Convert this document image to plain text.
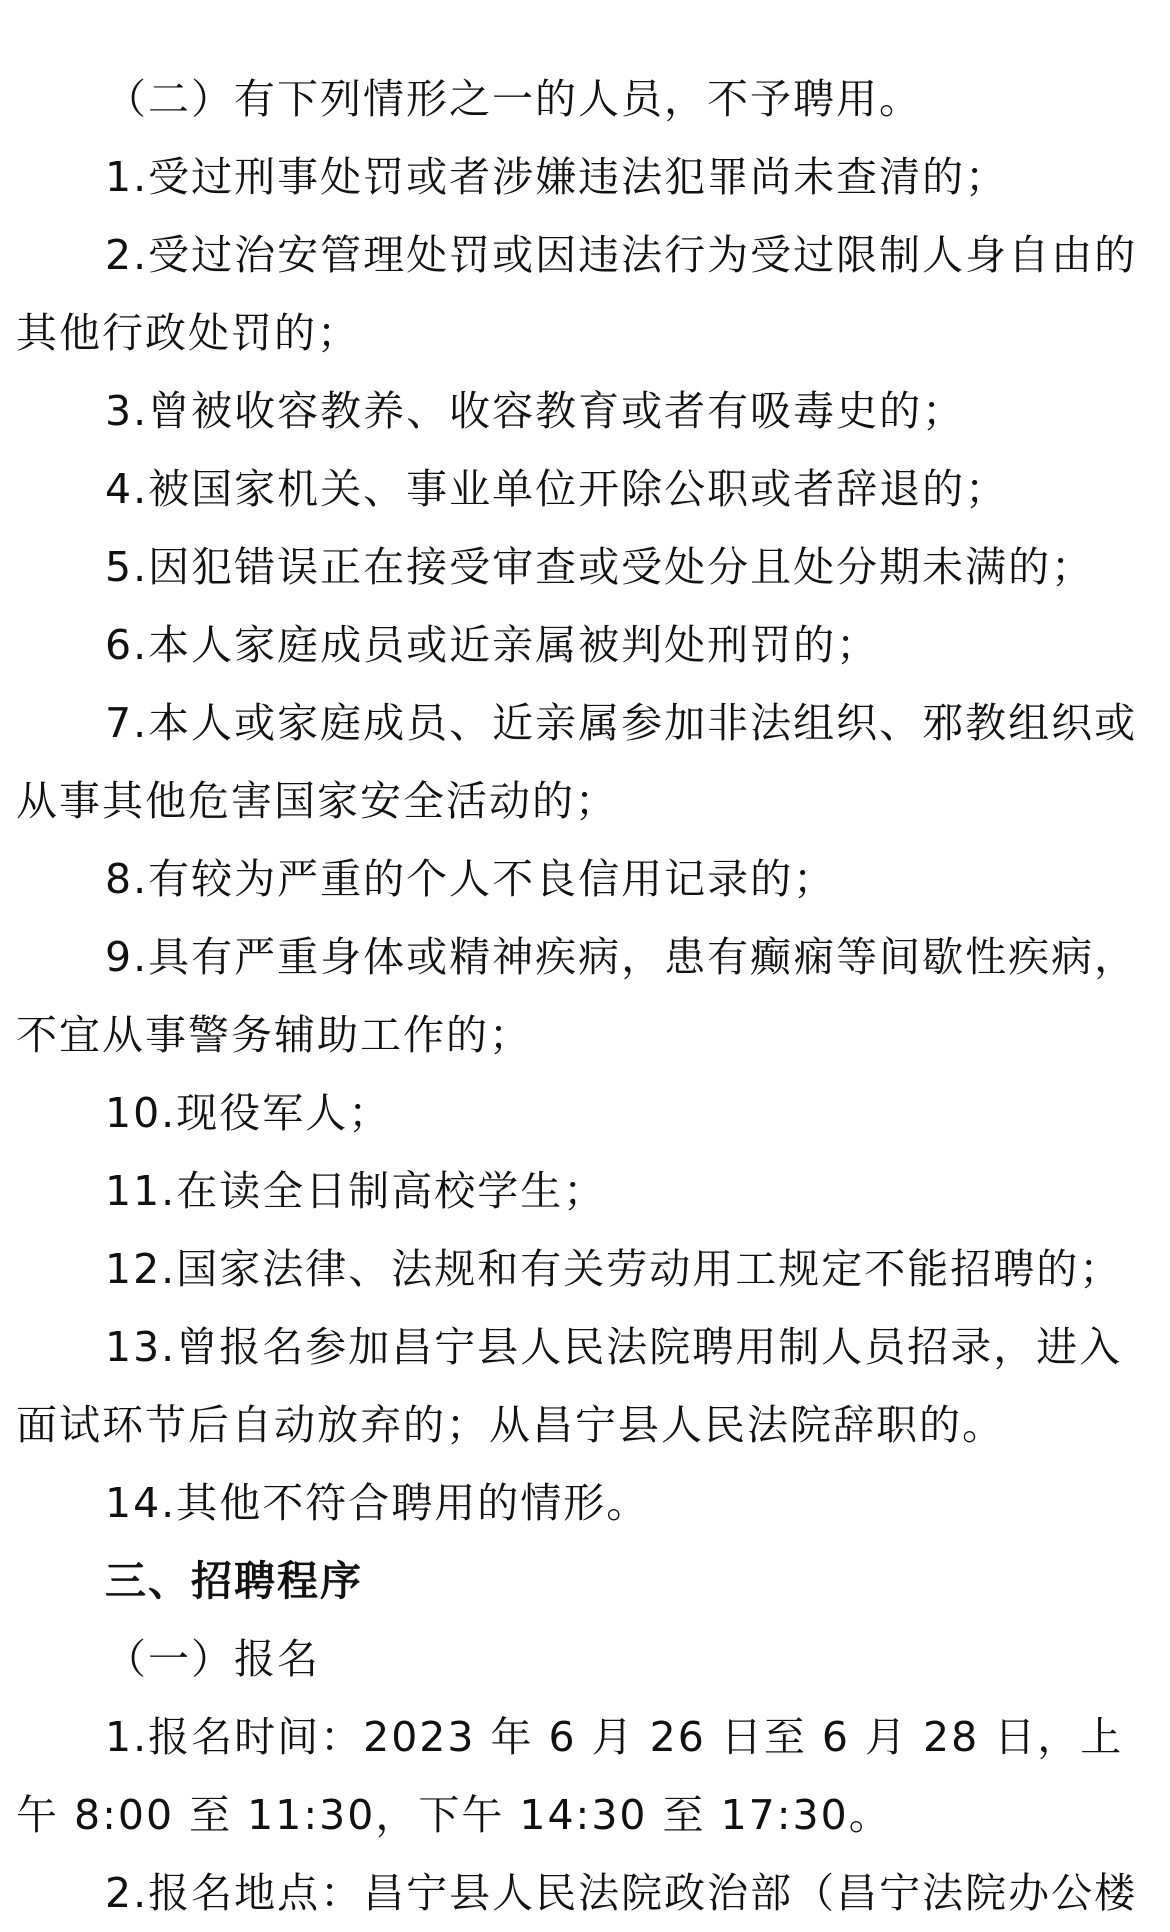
（二）有下列情形之一的人员，不予聘用。

1.受过刑事处罚或者涉嫌违法犯罪尚未查清的；

2.受过治安管理处罚或因违法行为受过限制人身自由的其他行政处罚的；

3.曾被收容教养、收容教育或者有吸毒史的；

4.被国家机关、事业单位开除公职或者辞退的；

5.因犯错误正在接受审查或受处分且处分期未满的；

6.本人家庭成员或近亲属被判处刑罚的；

7.本人或家庭成员、近亲属参加非法组织、邪教组织或从事其他危害国家安全活动的；

8.有较为严重的个人不良信用记录的；

9.具有严重身体或精神疾病，患有癫痫等间歇性疾病，不宜从事警务辅助工作的；

10.现役军人；

11.在读全日制高校学生；

12.国家法律、法规和有关劳动用工规定不能招聘的；

13.曾报名参加昌宁县人民法院聘用制人员招录，进入面试环节后自动放弃的；从昌宁县人民法院辞职的。

14.其他不符合聘用的情形。

三、招聘程序

（一）报名

1.报名时间：2023 年 6 月 26 日至 6 月 28 日，上午 8:00 至 11:30，下午 14:30 至 17:30。

2.报名地点：昌宁县人民法院政治部（昌宁法院办公楼
